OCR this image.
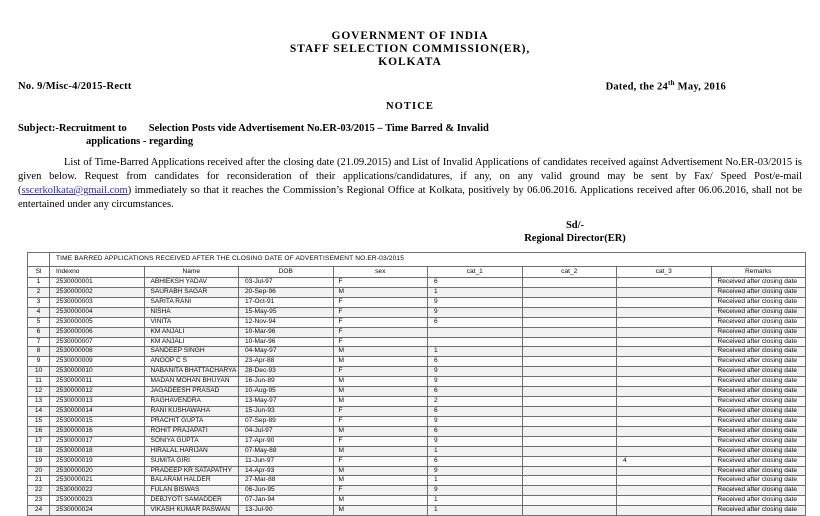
GOVERNMENT OF INDIA
STAFF SELECTION COMMISSION(ER),
KOLKATA
No. 9/Misc-4/2015-Rectt	Dated, the 24th May, 2016
NOTICE
Subject:-Recruitment to Selection Posts vide Advertisement No.ER-03/2015 – Time Barred & Invalid
applications - regarding
List of Time-Barred Applications received after the closing date (21.09.2015) and List of Invalid Applications of candidates received against Advertisement No.ER-03/2015 is given below. Request from candidates for reconsideration of their applications/candidatures, if any, on any valid ground may be sent by Fax/ Speed Post/e-mail (sscerkolkata@gmail.com) immediately so that it reaches the Commission’s Regional Office at Kolkata, positively by 06.06.2016. Applications received after 06.06.2016, shall not be entertained under any circumstances.
Sd/-
Regional Director(ER)
	TIME BARRED APPLICATIONS RECEIVED AFTER THE CLOSING DATE OF ADVERTISEMENT NO.ER-03/2015							
Sl	Indexno	Name	DOB	sex	cat_1	cat_2	cat_3	Remarks
1	2530000001	ABHIEKSH YADAV	03-Jul-97	F	6			Received after closing date
2	2530000002	SAURABH SAGAR	20-Sep-96	M	1			Received after closing date
3	2530000003	SARITA RANI	17-Oct-91	F	9			Received after closing date
4	2530000004	NISHA	15-May-95	F	9			Received after closing date
5	2530000005	VINITA	12-Nov-94	F	6			Received after closing date
6	2530000006	KM ANJALI	10-Mar-96	F				Received after closing date
7	2530000007	KM ANJALI	10-Mar-96	F				Received after closing date
8	2530000008	SANDEEP SINGH	04-May-97	M	1			Received after closing date
9	2530000009	ANOOP C S	23-Apr-88	M	6			Received after closing date
10	2530000010	NABANITA BHATTACHARYA	28-Dec-93	F	9			Received after closing date
11	2530000011	MADAN MOHAN BHUYAN	16-Jun-89	M	9			Received after closing date
12	2530000012	JAGADEESH PRASAD	10-Aug-95	M	6			Received after closing date
13	2530000013	RAGHAVENDRA	13-May-97	M	2			Received after closing date
14	2530000014	RANI KUSHAWAHA	15-Jun-93	F	6			Received after closing date
15	2530000015	PRACHIT GUPTA	07-Sep-89	F	9			Received after closing date
16	2530000016	ROHIT PRAJAPATI	04-Jul-97	M	6			Received after closing date
17	2530000017	SONIYA GUPTA	17-Apr-90	F	9			Received after closing date
18	2530000018	HIRALAL HARIJAN	07-May-88	M	1			Received after closing date
19	2530000019	SUMITA GIRI	11-Jun-97	F	6		4	Received after closing date
20	2530000020	PRADEEP KR SATAPATHY	14-Apr-93	M	9			Received after closing date
21	2530000021	BALARAM HALDER	27-Mar-88	M	1			Received after closing date
22	2530000022	FULAN BISWAS	06-Jun-95	F	9			Received after closing date
23	2530000023	DEBJYOTI SAMADDER	07-Jan-94	M	1			Received after closing date
24	2530000024	VIKASH KUMAR PASWAN	13-Jul-90	M	1			Received after closing date
